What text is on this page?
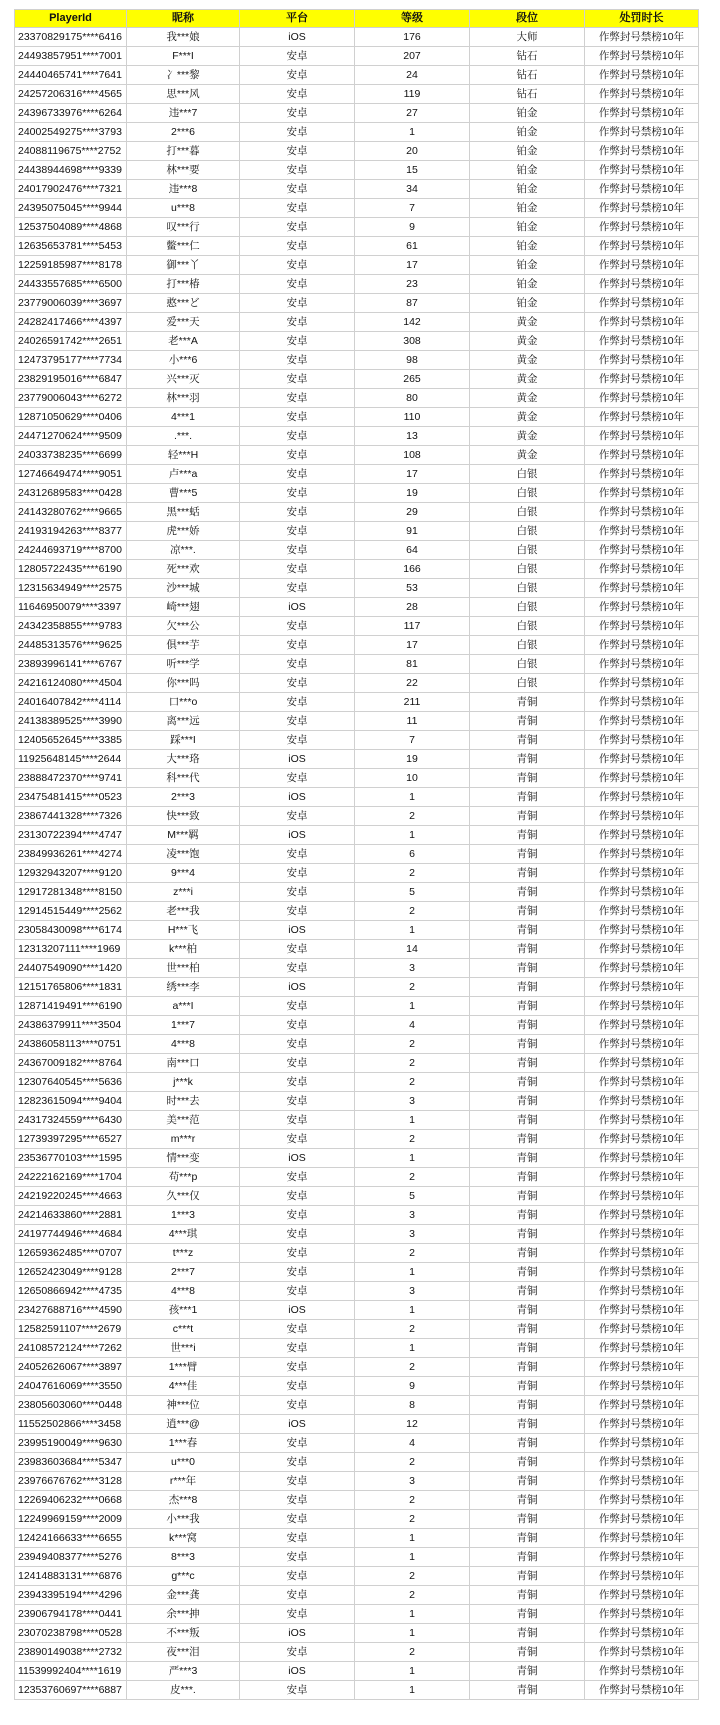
PlayerId	昵称	平台	等级	段位	处罚时长
23370829175****6416	我***娘	iOS	176	大师	作弊封号禁榜10年
24493857951****7001	F***I	安卓	207	钻石	作弊封号禁榜10年
24440465741****7641	冫***黎	安卓	24	钻石	作弊封号禁榜10年
24257206316****4565	思***风	安卓	119	钻石	作弊封号禁榜10年
24396733976****6264	违***7	安卓	27	铂金	作弊封号禁榜10年
24002549275****3793	2***6	安卓	1	铂金	作弊封号禁榜10年
24088119675****2752	打***暮	安卓	20	铂金	作弊封号禁榜10年
24438944698****9339	林***要	安卓	15	铂金	作弊封号禁榜10年
24017902476****7321	违***8	安卓	34	铂金	作弊封号禁榜10年
24395075045****9944	u***8	安卓	7	铂金	作弊封号禁榜10年
12537504089****4868	叹***行	安卓	9	铂金	作弊封号禁榜10年
12635653781****5453	鳖***仁	安卓	61	铂金	作弊封号禁榜10年
12259185987****8178	御***丫	安卓	17	铂金	作弊封号禁榜10年
24433557685****6500	打***椿	安卓	23	铂金	作弊封号禁榜10年
23779006039****3697	憨***ど	安卓	87	铂金	作弊封号禁榜10年
24282417466****4397	爱***天	安卓	142	黄金	作弊封号禁榜10年
24026591742****2651	老***A	安卓	308	黄金	作弊封号禁榜10年
12473795177****7734	小***6	安卓	98	黄金	作弊封号禁榜10年
23829195016****6847	兴***灭	安卓	265	黄金	作弊封号禁榜10年
23779006043****6272	林***羽	安卓	80	黄金	作弊封号禁榜10年
12871050629****0406	4***1	安卓	110	黄金	作弊封号禁榜10年
24471270624****9509	.***.	安卓	13	黄金	作弊封号禁榜10年
24033738235****6699	轻***H	安卓	108	黄金	作弊封号禁榜10年
12746649474****9051	卢***a	安卓	17	白银	作弊封号禁榜10年
24312689583****0428	曹***5	安卓	19	白银	作弊封号禁榜10年
24143280762****9665	黑***蛞	安卓	29	白银	作弊封号禁榜10年
24193194263****8377	虎***娇	安卓	91	白银	作弊封号禁榜10年
24244693719****8700	凉***.	安卓	64	白银	作弊封号禁榜10年
12805722435****6190	死***欢	安卓	166	白银	作弊封号禁榜10年
12315634949****2575	沙***城	安卓	53	白银	作弊封号禁榜10年
11646950079****3397	崎***翅	iOS	28	白银	作弊封号禁榜10年
24342358855****9783	欠***公	安卓	117	白银	作弊封号禁榜10年
24485313576****9625	俱***芋	安卓	17	白银	作弊封号禁榜10年
23893996141****6767	听***学	安卓	81	白银	作弊封号禁榜10年
24216124080****4504	你***吗	安卓	22	白银	作弊封号禁榜10年
24016407842****4114	口***o	安卓	211	青铜	作弊封号禁榜10年
24138389525****3990	离***远	安卓	11	青铜	作弊封号禁榜10年
12405652645****3385	踩***I	安卓	7	青铜	作弊封号禁榜10年
11925648145****2644	大***珞	iOS	19	青铜	作弊封号禁榜10年
23888472370****9741	科***代	安卓	10	青铜	作弊封号禁榜10年
23475481415****0523	2***3	iOS	1	青铜	作弊封号禁榜10年
23867441328****7326	快***致	安卓	2	青铜	作弊封号禁榜10年
23130722394****4747	M***羁	iOS	1	青铜	作弊封号禁榜10年
23849936261****4274	凌***饱	安卓	6	青铜	作弊封号禁榜10年
12932943207****9120	9***4	安卓	2	青铜	作弊封号禁榜10年
12917281348****8150	z***i	安卓	5	青铜	作弊封号禁榜10年
12914515449****2562	老***我	安卓	2	青铜	作弊封号禁榜10年
23058430098****6174	H***飞	iOS	1	青铜	作弊封号禁榜10年
12313207111****1969	k***柏	安卓	14	青铜	作弊封号禁榜10年
24407549090****1420	世***柏	安卓	3	青铜	作弊封号禁榜10年
12151765806****1831	绣***李	iOS	2	青铜	作弊封号禁榜10年
12871419491****6190	a***I	安卓	1	青铜	作弊封号禁榜10年
24386379911****3504	1***7	安卓	4	青铜	作弊封号禁榜10年
24386058113****0751	4***8	安卓	2	青铜	作弊封号禁榜10年
24367009182****8764	南***口	安卓	2	青铜	作弊封号禁榜10年
12307640545****5636	j***k	安卓	2	青铜	作弊封号禁榜10年
12823615094****9404	时***去	安卓	3	青铜	作弊封号禁榜10年
24317324559****6430	美***范	安卓	1	青铜	作弊封号禁榜10年
12739397295****6527	m***r	安卓	2	青铜	作弊封号禁榜10年
23536770103****1595	情***变	iOS	1	青铜	作弊封号禁榜10年
24222162169****1704	苟***p	安卓	2	青铜	作弊封号禁榜10年
24219220245****4663	久***仅	安卓	5	青铜	作弊封号禁榜10年
24214633860****2881	1***3	安卓	3	青铜	作弊封号禁榜10年
24197744946****4684	4***琪	安卓	3	青铜	作弊封号禁榜10年
12659362485****0707	t***z	安卓	2	青铜	作弊封号禁榜10年
12652423049****9128	2***7	安卓	1	青铜	作弊封号禁榜10年
12650866942****4735	4***8	安卓	3	青铜	作弊封号禁榜10年
23427688716****4590	孩***1	iOS	1	青铜	作弊封号禁榜10年
12582591107****2679	c***t	安卓	2	青铜	作弊封号禁榜10年
24108572124****7262	世***i	安卓	1	青铜	作弊封号禁榜10年
24052626067****3897	1***臂	安卓	2	青铜	作弊封号禁榜10年
24047616069****3550	4***佳	安卓	9	青铜	作弊封号禁榜10年
23805603060****0448	神***位	安卓	8	青铜	作弊封号禁榜10年
11552502866****3458	逍***@	iOS	12	青铜	作弊封号禁榜10年
23995190049****9630	1***春	安卓	4	青铜	作弊封号禁榜10年
23983603684****5347	u***0	安卓	2	青铜	作弊封号禁榜10年
23976676762****3128	r***年	安卓	3	青铜	作弊封号禁榜10年
12269406232****0668	杰***8	安卓	2	青铜	作弊封号禁榜10年
12249969159****2009	小***我	安卓	2	青铜	作弊封号禁榜10年
12424166633****6655	k***窝	安卓	1	青铜	作弊封号禁榜10年
23949408377****5276	8***3	安卓	1	青铜	作弊封号禁榜10年
12414883131****6876	g***c	安卓	2	青铜	作弊封号禁榜10年
23943395194****4296	金***龚	安卓	2	青铜	作弊封号禁榜10年
23906794178****0441	余***抻	安卓	1	青铜	作弊封号禁榜10年
23070238798****0528	不***叛	iOS	1	青铜	作弊封号禁榜10年
23890149038****2732	夜***泪	安卓	2	青铜	作弊封号禁榜10年
11539992404****1619	严***3	iOS	1	青铜	作弊封号禁榜10年
12353760697****6887	皮***.	安卓	1	青铜	作弊封号禁榜10年
